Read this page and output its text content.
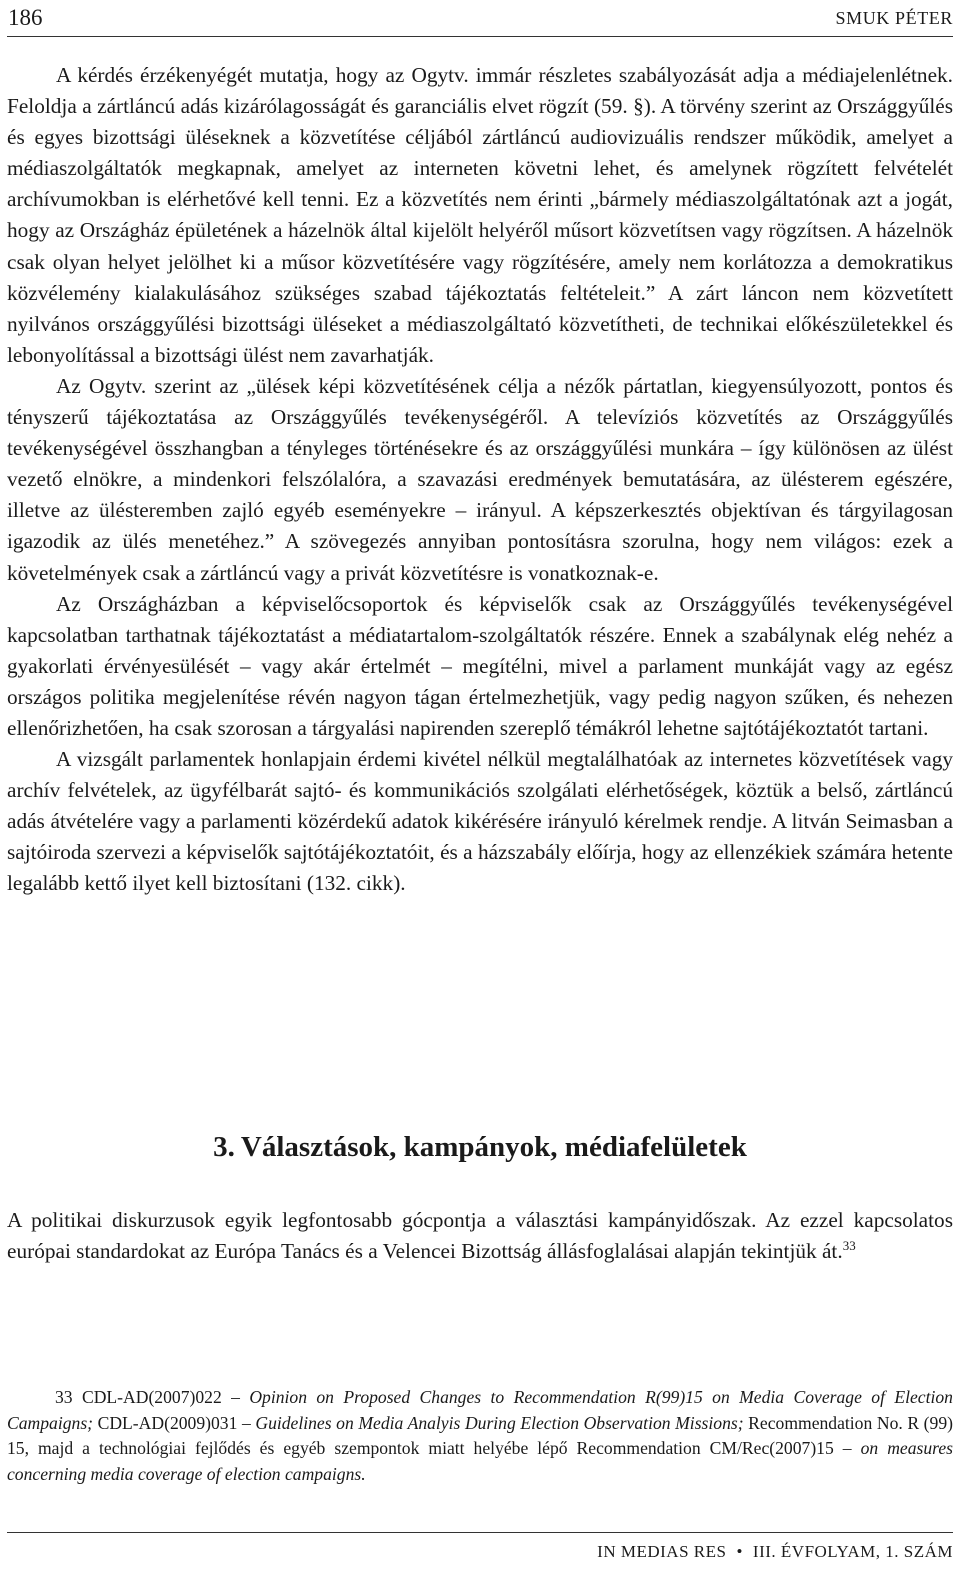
186	SMUK PÉTER

A kérdés érzékenyégét mutatja, hogy az Ogytv. immár részletes szabályozását adja a médiajelenlétnek. Feloldja a zártláncú adás kizárólagosságát és garanciális elvet rögzít (59. §). A törvény szerint az Országgyűlés és egyes bizottsági üléseknek a közvetítése céljából zártláncú audiovizuális rendszer működik, amelyet a médiaszolgáltatók megkapnak, amelyet az interneten követni lehet, és amelynek rögzített felvételét archívumokban is elérhetővé kell tenni. Ez a közvetítés nem érinti „bármely médiaszolgáltatónak azt a jogát, hogy az Országház épületének a házelnök által kijelölt helyéről műsort közvetítsen vagy rögzítsen. A házelnök csak olyan helyet jelölhet ki a műsor közvetítésére vagy rögzítésére, amely nem korlátozza a demokratikus közvélemény kialakulásához szükséges szabad tájékoztatás feltételeit.” A zárt láncon nem közvetített nyilvános országgyűlési bizottsági üléseket a médiaszolgáltató közvetítheti, de technikai előkészületekkel és lebonyolítással a bizottsági ülést nem zavarhatják.

Az Ogytv. szerint az „ülések képi közvetítésének célja a nézők pártatlan, kiegyensúlyozott, pontos és tényszerű tájékoztatása az Országgyűlés tevékenységéről. A televíziós közvetítés az Országgyűlés tevékenységével összhangban a tényleges történésekre és az országgyűlési munkára – így különösen az ülést vezető elnökre, a mindenkori felszólalóra, a szavazási eredmények bemutatására, az ülésterem egészére, illetve az ülésteremben zajló egyéb eseményekre – irányul. A képszerkesztés objektívan és tárgyilagosan igazodik az ülés menetéhez.” A szövegezés annyiban pontosításra szorulna, hogy nem világos: ezek a követelmények csak a zártláncú vagy a privát közvetítésre is vonatkoznak-e.

Az Országházban a képviselőcsoportok és képviselők csak az Országgyűlés tevékenységével kapcsolatban tarthatnak tájékoztatást a médiatartalom-szolgáltatók részére. Ennek a szabálynak elég nehéz a gyakorlati érvényesülését – vagy akár értelmét – megítélni, mivel a parlament munkáját vagy az egész országos politika megjelenítése révén nagyon tágan értelmezhetjük, vagy pedig nagyon szűken, és nehezen ellenőrizhetően, ha csak szorosan a tárgyalási napirenden szereplő témákról lehetne sajtótájékoztatót tartani.

A vizsgált parlamentek honlapjain érdemi kivétel nélkül megtalálhatóak az internetes közvetítések vagy archív felvételek, az ügyfélbarát sajtó- és kommunikációs szolgálati elérhetőségek, köztük a belső, zártláncú adás átvételére vagy a parlamenti közérdekű adatok kikérésére irányuló kérelmek rendje. A litván Seimasban a sajtóiroda szervezi a képviselők sajtótájékoztatóit, és a házszabály előírja, hogy az ellenzékiek számára hetente legalább kettő ilyet kell biztosítani (132. cikk).

3. Választások, kampányok, médiafelületek

A politikai diskurzusok egyik legfontosabb gócpontja a választási kampányidőszak. Az ezzel kapcsolatos európai standardokat az Európa Tanács és a Velencei Bizottság állásfoglalásai alapján tekintjük át.$^{33}$

33 CDL-AD(2007)022 – Opinion on Proposed Changes to Recommendation R(99)15 on Media Coverage of Election Campaigns; CDL-AD(2009)031 – Guidelines on Media Analyis During Election Observation Missions; Recommendation No. R (99) 15, majd a technológiai fejlődés és egyéb szempontok miatt helyébe lépő Recommendation CM/Rec(2007)15 – on measures concerning media coverage of election campaigns.

IN MEDIAS RES • III. ÉVFOLYAM, 1. SZÁM
